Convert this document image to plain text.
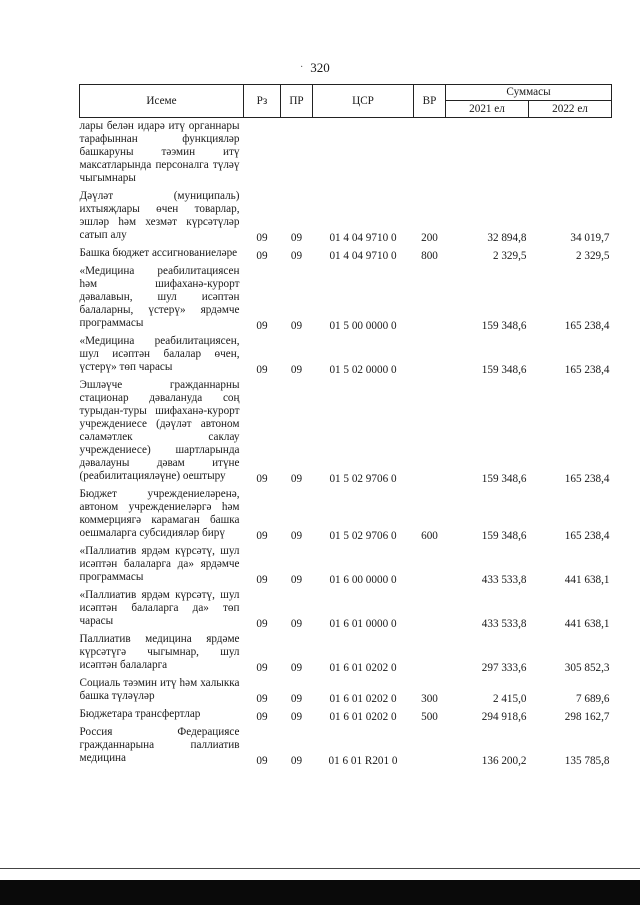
320
·
Исеме	Рз	ПР	ЦСР	ВР	Суммасы	
					2021 ел	2022 ел
лары белән идарә итү органнары тарафыннан функцияләр башкаруны тәэмин итү максатларында персоналга түләү чыгымнары						
Дәүләт (муниципаль) ихтыяҗлары өчен товарлар, эшләр һәм хезмәт күрсәтүләр сатып алу	09	09	01 4 04 9710 0	200	32 894,8	34 019,7
Башка бюджет ассигнованиеләре	09	09	01 4 04 9710 0	800	2 329,5	2 329,5
«Медицина реабилитациясен һәм шифаханә-курорт дәвалавын, шул исәптән балаларны, үстерү» ярдәмче программасы	09	09	01 5 00 0000 0		159 348,6	165 238,4
«Медицина реабилитациясен, шул исәптән балалар өчен, үстерү» төп чарасы	09	09	01 5 02 0000 0		159 348,6	165 238,4
Эшләүче гражданнарны стационар дәвалануда соң турыдан-туры шифаханә-курорт учреждениесе (дәүләт автоном сәламәтлек саклау учреждениесе) шартларында дәвалауны дәвам итүне (реабилитацияләүне) оештыру	09	09	01 5 02 9706 0		159 348,6	165 238,4
Бюджет учреждениеләренә, автоном учреждениеләргә һәм коммерциягә карамаган башка оешмаларга субсидияләр бирү	09	09	01 5 02 9706 0	600	159 348,6	165 238,4
«Паллиатив ярдәм күрсәтү, шул исәптән балаларга да» ярдәмче программасы	09	09	01 6 00 0000 0		433 533,8	441 638,1
«Паллиатив ярдәм күрсәтү, шул исәптән балаларга да» төп чарасы	09	09	01 6 01 0000 0		433 533,8	441 638,1
Паллиатив медицина ярдәме күрсәтүгә чыгымнар, шул исәптән балаларга	09	09	01 6 01 0202 0		297 333,6	305 852,3
Социаль тәэмин итү һәм халыкка башка түләүләр	09	09	01 6 01 0202 0	300	2 415,0	7 689,6
Бюджетара трансфертлар	09	09	01 6 01 0202 0	500	294 918,6	298 162,7
Россия Федерациясе гражданнарына паллиатив медицина	09	09	01 6 01 R201 0		136 200,2	135 785,8
